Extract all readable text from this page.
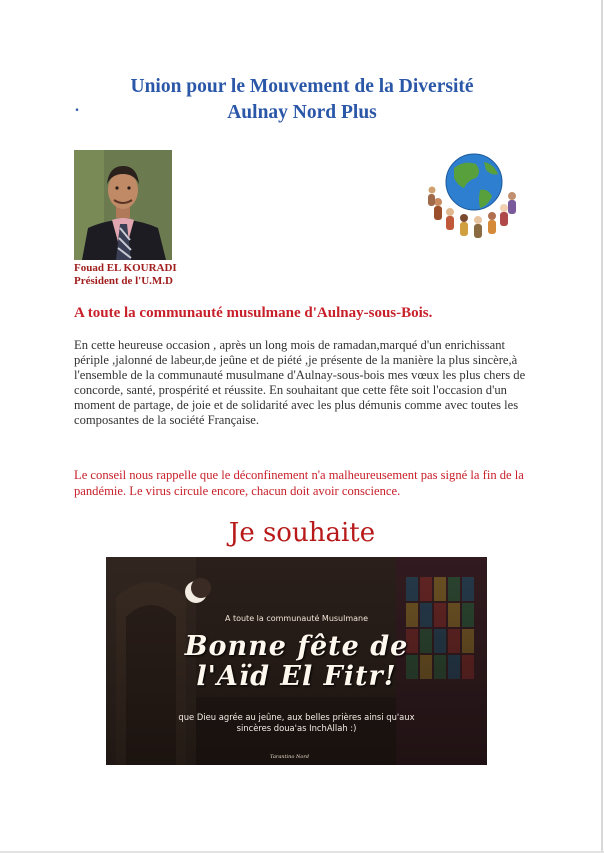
Union pour le Mouvement de la Diversité
Aulnay Nord Plus
.
Fouad EL KOURADI
Président de l'U.M.D
A toute la communauté musulmane d'Aulnay-sous-Bois.
En cette heureuse occasion , après un long mois de ramadan,marqué d'un enrichissant périple ,jalonné de labeur,de jeûne et de piété ,je présente de la manière la plus sincère,à l'ensemble de la communauté musulmane d'Aulnay-sous-bois mes vœux les plus chers de concorde, santé, prospérité et réussite. En souhaitant que cette fête soit l'occasion d'un moment de partage, de joie et de solidarité avec les plus démunis comme avec toutes les composantes de la société Française.
Le conseil nous rappelle que le déconfinement n'a malheureusement pas signé la fin de la pandémie. Le virus circule encore, chacun doit avoir conscience.
Je souhaite
A toute la communauté Musulmane
Bonne fête de
l'Aïd El Fitr!
que Dieu agrée au jeûne, aux belles prières ainsi qu'aux
sincères doua'as InchAllah :)
Tarantino Nord
